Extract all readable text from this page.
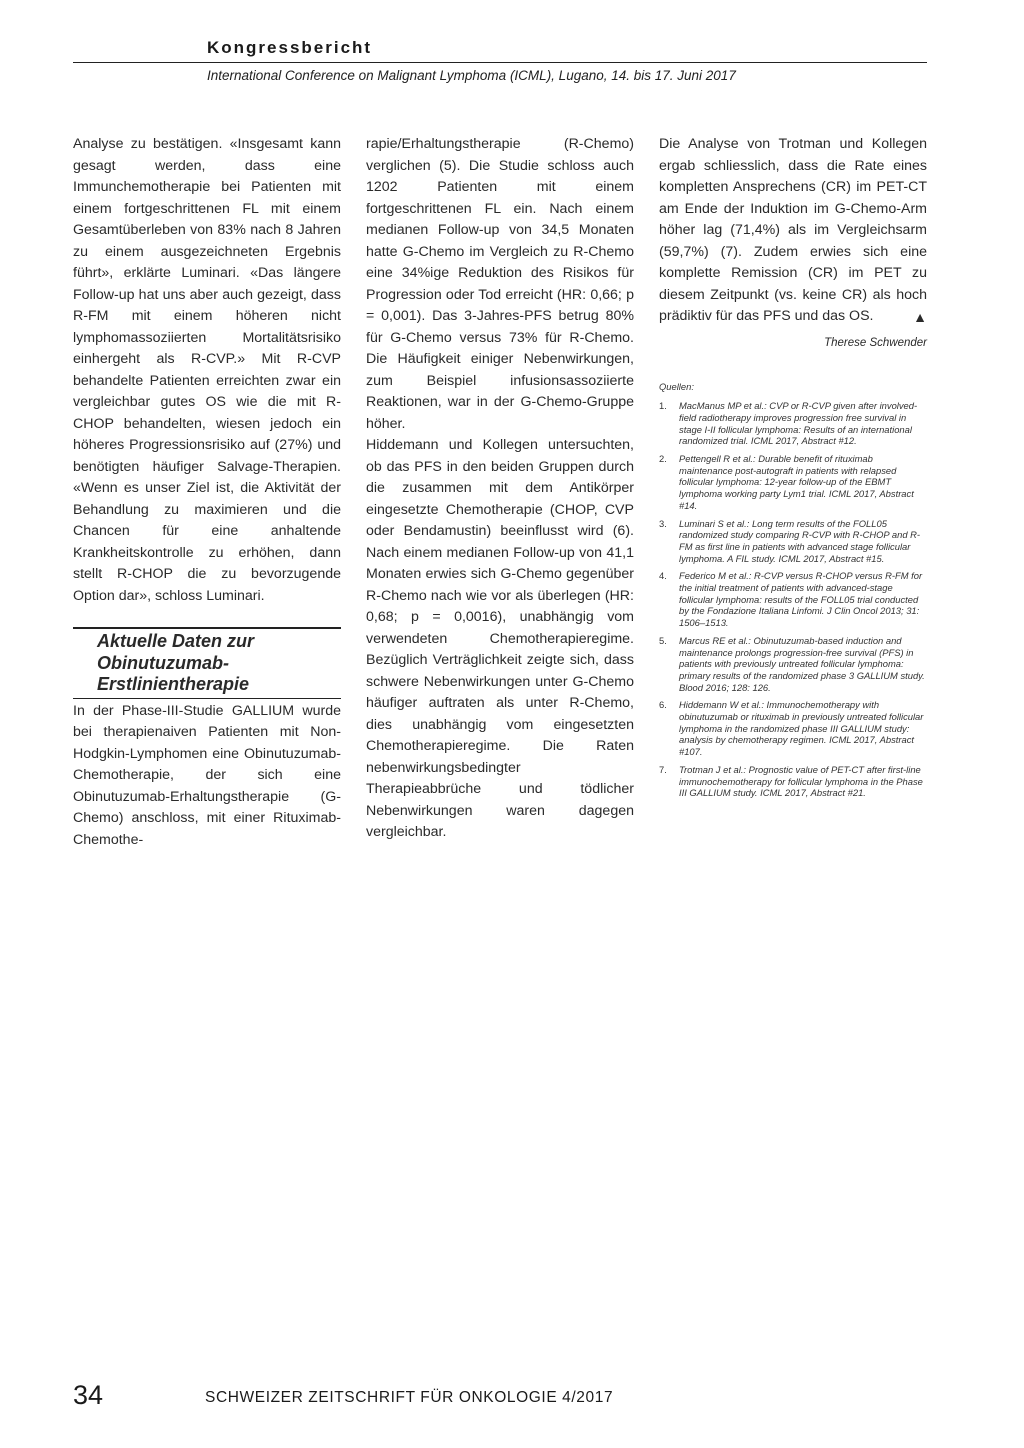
Kongressbericht
International Conference on Malignant Lymphoma (ICML), Lugano, 14. bis 17. Juni 2017

Analyse zu bestätigen. «Insgesamt kann gesagt werden, dass eine Immunchemotherapie bei Patienten mit einem fortgeschrittenen FL mit einem Gesamtüberleben von 83% nach 8 Jahren zu einem ausgezeichneten Ergebnis führt», erklärte Luminari. «Das längere Follow-up hat uns aber auch gezeigt, dass R-FM mit einem höheren nicht lymphomassoziierten Mortalitätsrisiko einhergeht als R-CVP.» Mit R-CVP behandelte Patienten erreichten zwar ein vergleichbar gutes OS wie die mit R-CHOP behandelten, wiesen jedoch ein höheres Progressionsrisiko auf (27%) und benötigten häufiger Salvage-Therapien. «Wenn es unser Ziel ist, die Aktivität der Behandlung zu maximieren und die Chancen für eine anhaltende Krankheitskontrolle zu erhöhen, dann stellt R-CHOP die zu bevorzugende Option dar», schloss Luminari.

Aktuelle Daten zur Obinutuzumab-Erstlinientherapie

In der Phase-III-Studie GALLIUM wurde bei therapienaiven Patienten mit Non-Hodgkin-Lymphomen eine Obinutuzumab-Chemotherapie, der sich eine Obinutuzumab-Erhaltungstherapie (G-Chemo) anschloss, mit einer Rituximab-Chemothe-

rapie/Erhaltungstherapie (R-Chemo) verglichen (5). Die Studie schloss auch 1202 Patienten mit einem fortgeschrittenen FL ein. Nach einem medianen Follow-up von 34,5 Monaten hatte G-Chemo im Vergleich zu R-Chemo eine 34%ige Reduktion des Risikos für Progression oder Tod erreicht (HR: 0,66; p = 0,001). Das 3-Jahres-PFS betrug 80% für G-Chemo versus 73% für R-Chemo. Die Häufigkeit einiger Nebenwirkungen, zum Beispiel infusionsassoziierte Reaktionen, war in der G-Chemo-Gruppe höher.

Hiddemann und Kollegen untersuchten, ob das PFS in den beiden Gruppen durch die zusammen mit dem Antikörper eingesetzte Chemotherapie (CHOP, CVP oder Bendamustin) beeinflusst wird (6). Nach einem medianen Follow-up von 41,1 Monaten erwies sich G-Chemo gegenüber R-Chemo nach wie vor als überlegen (HR: 0,68; p = 0,0016), unabhängig vom verwendeten Chemotherapieregime. Bezüglich Verträglichkeit zeigte sich, dass schwere Nebenwirkungen unter G-Chemo häufiger auftraten als unter R-Chemo, dies unabhängig vom eingesetzten Chemotherapieregime. Die Raten nebenwirkungsbedingter Therapieabbrüche und tödlicher Nebenwirkungen waren dagegen vergleichbar.

Die Analyse von Trotman und Kollegen ergab schliesslich, dass die Rate eines kompletten Ansprechens (CR) im PET-CT am Ende der Induktion im G-Chemo-Arm höher lag (71,4%) als im Vergleichsarm (59,7%) (7). Zudem erwies sich eine komplette Remission (CR) im PET zu diesem Zeitpunkt (vs. keine CR) als hoch prädiktiv für das PFS und das OS.	▲
Therese Schwender
Quellen:
1.	MacManus MP et al.: CVP or R-CVP given after involved-field radiotherapy improves progression free survival in stage I-II follicular lymphoma: Results of an international randomized trial. ICML 2017, Abstract #12.
2.	Pettengell R et al.: Durable benefit of rituximab maintenance post-autograft in patients with relapsed follicular lymphoma: 12-year follow-up of the EBMT lymphoma working party Lym1 trial. ICML 2017, Abstract #14.
3.	Luminari S et al.: Long term results of the FOLL05 randomized study comparing R-CVP with R-CHOP and R-FM as first line in patients with advanced stage follicular lymphoma. A FIL study. ICML 2017, Abstract #15.
4.	Federico M et al.: R-CVP versus R-CHOP versus R-FM for the initial treatment of patients with advanced-stage follicular lymphoma: results of the FOLL05 trial conducted by the Fondazione Italiana Linfomi. J Clin Oncol 2013; 31: 1506–1513.
5.	Marcus RE et al.: Obinutuzumab-based induction and maintenance prolongs progression-free survival (PFS) in patients with previously untreated follicular lymphoma: primary results of the randomized phase 3 GALLIUM study. Blood 2016; 128: 126.
6.	Hiddemann W et al.: Immunochemotherapy with obinutuzumab or rituximab in previously untreated follicular lymphoma in the randomized phase III GALLIUM study: analysis by chemotherapy regimen. ICML 2017, Abstract #107.
7.	Trotman J et al.: Prognostic value of PET-CT after first-line immunochemotherapy for follicular lymphoma in the Phase III GALLIUM study. ICML 2017, Abstract #21.
34	SCHWEIZER ZEITSCHRIFT FÜR ONKOLOGIE 4/2017
